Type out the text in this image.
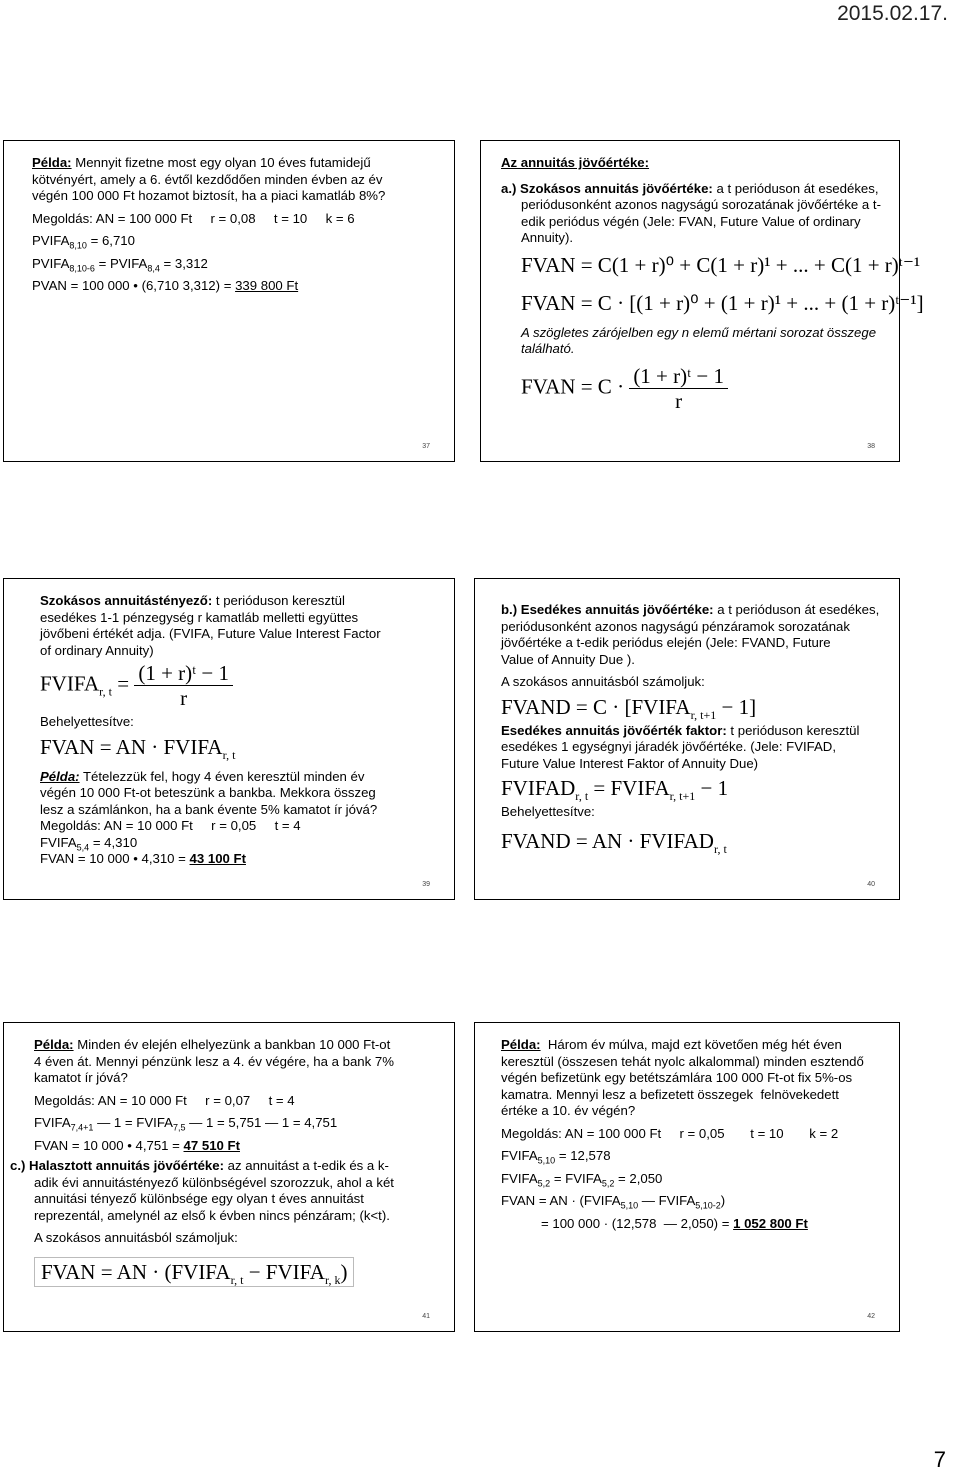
2015.02.17.

Példa: Mennyit fizetne most egy olyan 10 éves futamidejű

kötvényért, amely a 6. évtől kezdődően minden évben az év

végén 100 000 Ft hozamot biztosít, ha a piaci kamatláb 8%?

Megoldás: AN = 100 000 Ft     r = 0,08     t = 10     k = 6

$PVIFA_{8,10} = 6,710$

$PVIFA_{8,10-6}$ = $PVIFA_{8,4} = 3,312$

PVAN = 100 000 • (6,710 3,312) = 339 800 Ft

37

Az annuitás jövőértéke:

a.) Szokásos annuitás jövőértéke: a t perióduson át esedékes,

periódusonként azonos nagyságú sorozatának jövőértéke a t-

edik periódus végén (Jele: FVAN, Future Value of ordinary

Annuity).

FVAN = C(1 + r)⁰ + C(1 + r)¹ + ... + C(1 + r)ᵗ⁻¹
FVAN = C · [(1 + r)⁰ + (1 + r)¹ + ... + (1 + r)ᵗ⁻¹]

A szögletes zárójelben egy n elemű mértani sorozat összege

található.

FVAN = $C \cdot \frac{\text{(1 + r)ᵗ − 1}}{r}$
38

Szokásos annuitástényező: t perióduson keresztül

esedékes 1-1 pénzegység r kamatláb melletti együttes

jövőbeni értékét adja. (FVIFA, Future Value Interest Factor

of ordinary Annuity)

$FVIFA_{r, t} = \frac{\text{(1 + r)ᵗ − 1}}{r}$

Behelyettesítve:

FVAN = AN · $FVIFA_{r, t}$

Példa: Tételezzük fel, hogy 4 éven keresztül minden év

végén 10 000 Ft-ot beteszünk a bankba. Mekkora összeg

lesz a számlánkon, ha a bank évente 5% kamatot ír jóvá?

Megoldás: AN = 10 000 Ft     r = 0,05     t = 4

$FVIFA_{5,4} = 4,310$

FVAN = 10 000 • 4,310 = 43 100 Ft

39

b.) Esedékes annuitás jövőértéke: a t perióduson át esedékes,

periódusonként azonos nagyságú pénzáramok sorozatának

jövőértéke a t-edik periódus elején (Jele: FVAND, Future

Value of Annuity Due ).

A szokásos annuitásból számoljuk:

FVAND = $C \cdot [FVIFA_{r, t+1} - 1]$

Esedékes annuitás jövőérték faktor: t perióduson keresztül

esedékes 1 egységnyi járadék jövőértéke. (Jele: FVIFAD,

Future Value Interest Faktor of Annuity Due)

$FVIFAD_{r, t}$ = $FVIFA_{r, t+1} - 1$

Behelyettesítve:

FVAND = AN · $FVIFAD_{r, t}$
40

Példa: Minden év elején elhelyezünk a bankban 10 000 Ft-ot

4 éven át. Mennyi pénzünk lesz a 4. év végére, ha a bank 7%

kamatot ír jóvá?

Megoldás: AN = 10 000 Ft     r = 0,07     t = 4

$FVIFA_{7,4+1}$ — $1 = FVIFA_{7,5}$ — 1 = 5,751 — 1 = 4,751

FVAN = 10 000 • 4,751 = 47 510 Ft

c.) Halasztott annuitás jövőértéke: az annuitást a t-edik és a k-

adik évi annuitástényező különbségével szorozzuk, ahol a két

annuitási tényező különbsége egy olyan t éves annuitást

reprezentál, amelynél az első k évben nincs pénzáram; (k<t).

A szokásos annuitásból számoljuk:

FVAN = AN · ($FVIFA_{r, t}$ − $FVIFA_{r, k}$)
41

Példa:  Három év múlva, majd ezt követően még hét éven

keresztül (összesen tehát nyolc alkalommal) minden esztendő

végén befizetünk egy betétszámlára 100 000 Ft-ot fix 5%-os

kamatra. Mennyi lesz a befizetett összegek  felnövekedett

értéke a 10. év végén?

Megoldás: AN = 100 000 Ft     r = 0,05       t = 10       k = 2

$FVIFA_{5,10} = 12,578$

$FVIFA_{5,2}$ = $FVIFA_{5,2} = 2,050$

FVAN = AN · ($FVIFA_{5,10}$ — $FVIFA_{5,10-2}$)

= 100 000 · (12,578  — 2,050) = 1 052 800 Ft

42
7
